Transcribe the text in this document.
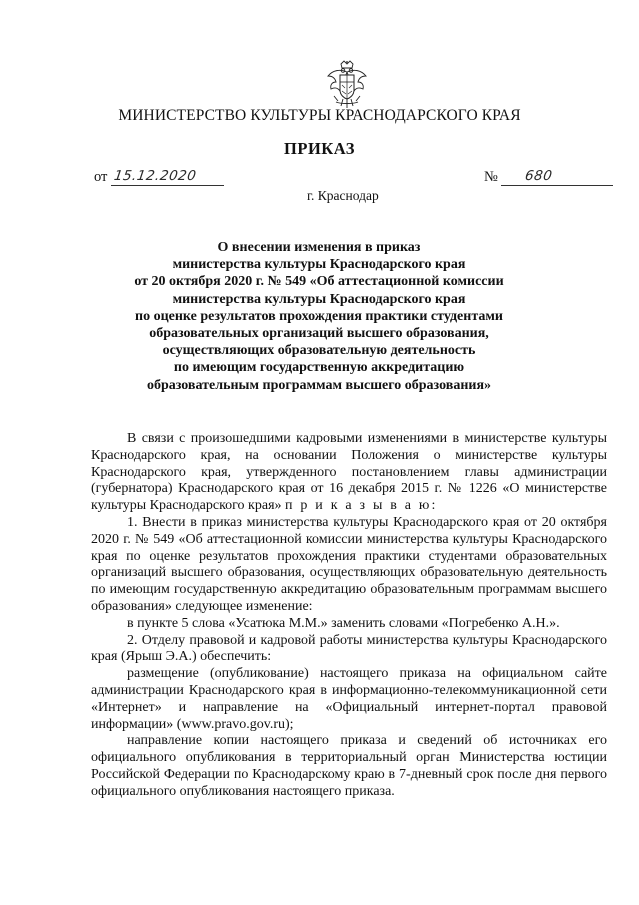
МИНИСТЕРСТВО КУЛЬТУРЫ КРАСНОДАРСКОГО КРАЯ
ПРИКАЗ
от 15.12.2020	№ 680
г. Краснодар
О внесении изменения в приказ
министерства культуры Краснодарского края
от 20 октября 2020 г. № 549 «Об аттестационной комиссии
министерства культуры Краснодарского края
по оценке результатов прохождения практики студентами
образовательных организаций высшего образования,
осуществляющих образовательную деятельность
по имеющим государственную аккредитацию
образовательным программам высшего образования»

В связи с произошедшими кадровыми изменениями в министерстве культуры Краснодарского края, на основании Положения о министерстве культуры Краснодарского края, утвержденного постановлением главы администрации (губернатора) Краснодарского края от 16 декабря 2015 г. № 1226 «О министерстве культуры Краснодарского края» п р и к а з ы в а ю:

1. Внести в приказ министерства культуры Краснодарского края от 20 октября 2020 г. № 549 «Об аттестационной комиссии министерства культуры Краснодарского края по оценке результатов прохождения практики студентами образовательных организаций высшего образования, осуществляющих образовательную деятельность по имеющим государственную аккредитацию образовательным программам высшего образования» следующее изменение:

в пункте 5 слова «Усатюка М.М.» заменить словами «Погребенко А.Н.».

2. Отделу правовой и кадровой работы министерства культуры Краснодарского края (Ярыш Э.А.) обеспечить:

размещение (опубликование) настоящего приказа на официальном сайте администрации Краснодарского края в информационно-телекоммуникационной сети «Интернет» и направление на «Официальный интернет-портал правовой информации» (www.pravo.gov.ru);

направление копии настоящего приказа и сведений об источниках его официального опубликования в территориальный орган Министерства юстиции Российской Федерации по Краснодарскому краю в 7-дневный срок после дня первого официального опубликования настоящего приказа.
